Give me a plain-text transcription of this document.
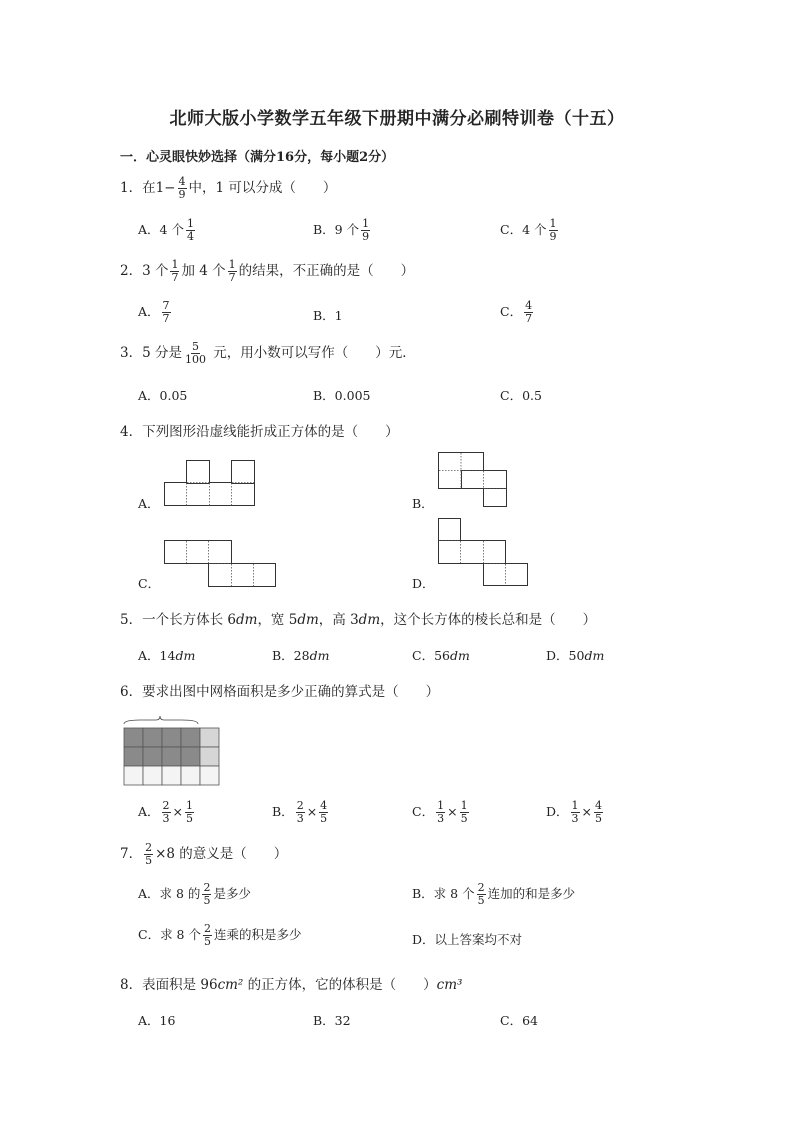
北师大版小学数学五年级下册期中满分必刷特训卷（十五）
一．心灵眼快妙选择（满分16分，每小题2分）
1．在$1- \frac{4}{9}$ 中，1 可以分成（　　）
A．4 个 $\frac{1}{4}$	B．9 个 $\frac{1}{9}$	C．4 个 $\frac{1}{9}$
2．3 个 $\frac{1}{7}$ 加 4 个 $\frac{1}{7}$ 的结果，不正确的是（　　）
A． $\frac{7}{7}$	B．1	C． $\frac{4}{7}$
3．5 分是 $\frac{5}{100}$ 元，用小数可以写作（　　）元．
A．0.05	B．0.005	C．0.5
4．下列图形沿虚线能折成正方体的是（　　）
A．	B．
C．	D．
5．一个长方体长 6dm，宽 5dm，高 3dm，这个长方体的棱长总和是（　　）
A．14dm	B．28dm	C．56dm	D．50dm
6．要求出图中网格面积是多少正确的算式是（　　）
A． $\frac{2}{3} \times \frac{1}{5}$	B． $\frac{2}{3} \times \frac{4}{5}$	C． $\frac{1}{3} \times \frac{1}{5}$	D． $\frac{1}{3} \times \frac{4}{5}$
7． $\frac{2}{5} \times 8$ 的意义是（　　）
A．求 8 的 $\frac{2}{5}$ 是多少	B．求 8 个 $\frac{2}{5}$ 连加的和是多少
C．求 8 个 $\frac{2}{5}$ 连乘的积是多少	D．以上答案均不对
8．表面积是 96cm² 的正方体，它的体积是（　　）cm³
A．16	B．32	C．64
